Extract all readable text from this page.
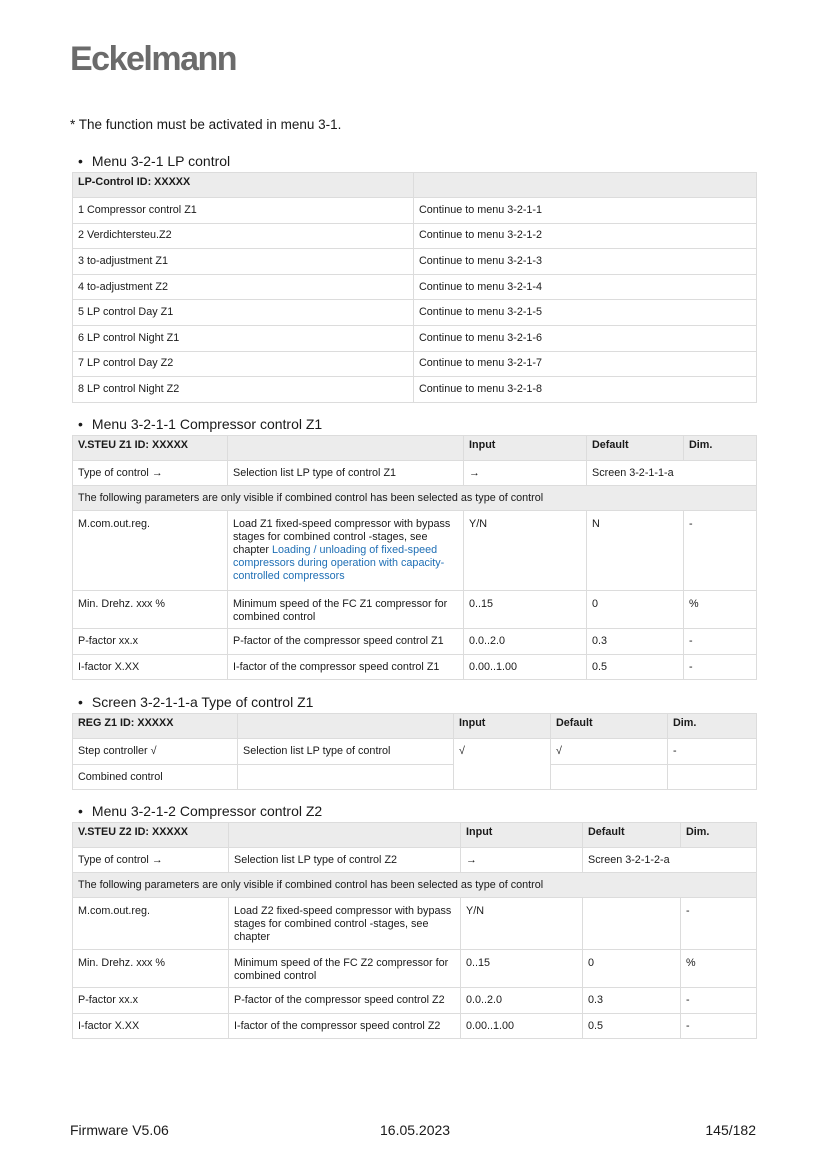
Eckelmann
* The function must be activated in menu 3-1.
• Menu 3-2-1 LP control
LP-Control ID: XXXXX	
1 Compressor control Z1	Continue to menu 3-2-1-1
2 Verdichtersteu.Z2	Continue to menu 3-2-1-2
3 to-adjustment Z1	Continue to menu 3-2-1-3
4 to-adjustment Z2	Continue to menu 3-2-1-4
5 LP control Day Z1	Continue to menu 3-2-1-5
6 LP control Night Z1	Continue to menu 3-2-1-6
7 LP control Day Z2	Continue to menu 3-2-1-7
8 LP control Night Z2	Continue to menu 3-2-1-8
• Menu 3-2-1-1 Compressor control Z1
V.STEU Z1 ID: XXXXX		Input	Default	Dim.
Type of control →	Selection list LP type of control Z1	→	Screen 3-2-1-1-a	
The following parameters are only visible if combined control has been selected as type of control				
M.com.out.reg.	Load Z1 fixed-speed compressor with bypass stages for combined control -stages, see chapter Loading / unloading of fixed-speed compressors during operation with capacity-controlled compressors	Y/N	N	-
Min. Drehz. xxx %	Minimum speed of the FC Z1 compressor for combined control	0..15	0	%
P-factor xx.x	P-factor of the compressor speed control Z1	0.0..2.0	0.3	-
I-factor X.XX	I-factor of the compressor speed control Z1	0.00..1.00	0.5	-
• Screen 3-2-1-1-a Type of control Z1
REG Z1 ID: XXXXX		Input	Default	Dim.
Step controller √	Selection list LP type of control	√	√	-
Combined control				
• Menu 3-2-1-2 Compressor control Z2
V.STEU Z2 ID: XXXXX		Input	Default	Dim.
Type of control →	Selection list LP type of control Z2	→	Screen 3-2-1-2-a	
The following parameters are only visible if combined control has been selected as type of control				
M.com.out.reg.	Load Z2 fixed-speed compressor with bypass stages for combined control -stages, see chapter	Y/N		-
Min. Drehz. xxx %	Minimum speed of the FC Z2 compressor for combined control	0..15	0	%
P-factor xx.x	P-factor of the compressor speed control Z2	0.0..2.0	0.3	-
I-factor X.XX	I-factor of the compressor speed control Z2	0.00..1.00	0.5	-
Firmware V5.06	16.05.2023	145/182
